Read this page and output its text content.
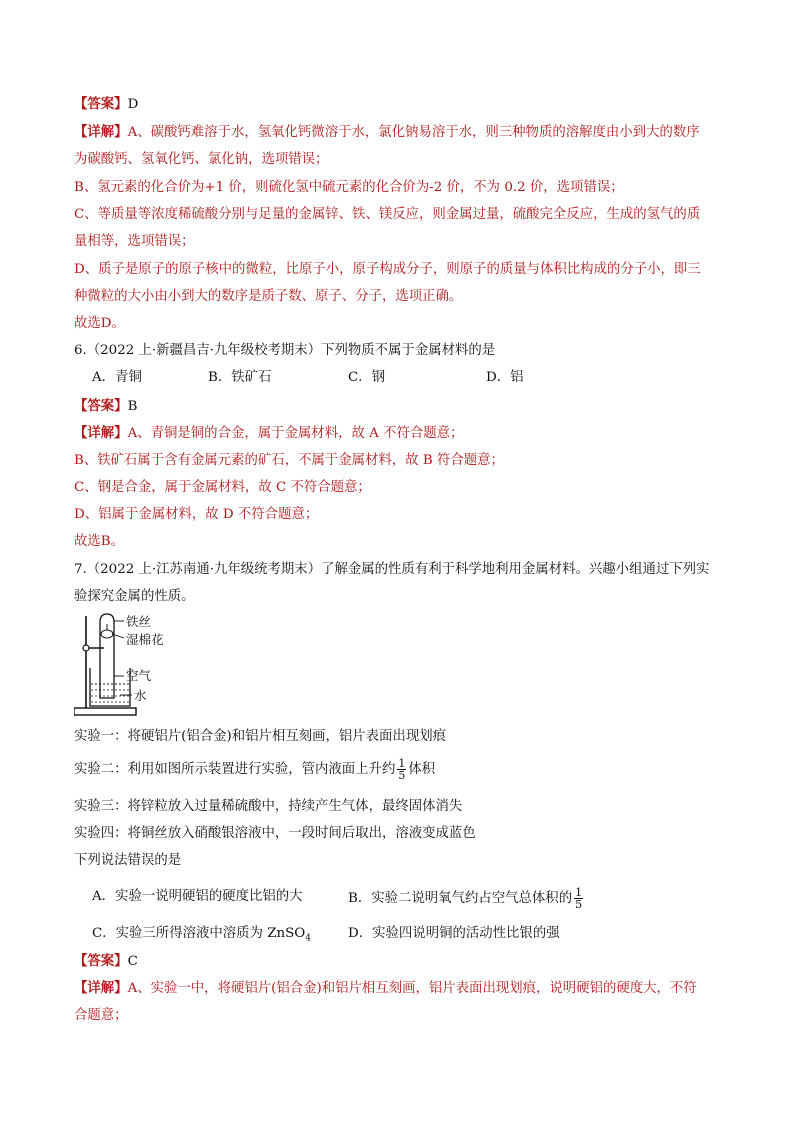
【答案】D
【详解】A、碳酸钙难溶于水，氢氧化钙微溶于水，氯化钠易溶于水，则三种物质的溶解度由小到大的数序
为碳酸钙、氢氧化钙、氯化钠，选项错误；
B、氢元素的化合价为+1 价，则硫化氢中硫元素的化合价为-2 价，不为 0.2 价，选项错误；
C、等质量等浓度稀硫酸分别与足量的金属锌、铁、镁反应，则金属过量，硫酸完全反应，生成的氢气的质
量相等，选项错误；
D、质子是原子的原子核中的微粒，比原子小，原子构成分子，则原子的质量与体积比构成的分子小，即三
种微粒的大小由小到大的数序是质子数、原子、分子，选项正确。
故选D。
6.（2022 上·新疆昌吉·九年级校考期末）下列物质不属于金属材料的是
A．青铜	B．铁矿石	C．钢	D．铝
【答案】B
【详解】A、青铜是铜的合金，属于金属材料，故 A 不符合题意；
B、铁矿石属于含有金属元素的矿石，不属于金属材料，故 B 符合题意；
C、钢是合金，属于金属材料，故 C 不符合题意；
D、铝属于金属材料，故 D 不符合题意；
故选B。
7.（2022 上·江苏南通·九年级统考期末）了解金属的性质有利于科学地利用金属材料。兴趣小组通过下列实
验探究金属的性质。
铁丝
湿棉花
空气
水
实验一：将硬铝片(铝合金)和铝片相互刻画，铝片表面出现划痕
实验二：利用如图所示装置进行实验，管内液面上升约 $\frac{1}{5}$ 体积
实验三：将锌粒放入过量稀硫酸中，持续产生气体，最终固体消失
实验四：将铜丝放入硝酸银溶液中，一段时间后取出，溶液变成蓝色
下列说法错误的是
A．实验一说明硬铝的硬度比铝的大	B．实验二说明氧气约占空气总体积的 $\frac{1}{5}$
C．实验三所得溶液中溶质为 ZnSO$_4$	D．实验四说明铜的活动性比银的强
【答案】C
【详解】A、实验一中，将硬铝片(铝合金)和铝片相互刻画，铝片表面出现划痕，说明硬铝的硬度大，不符
合题意；
